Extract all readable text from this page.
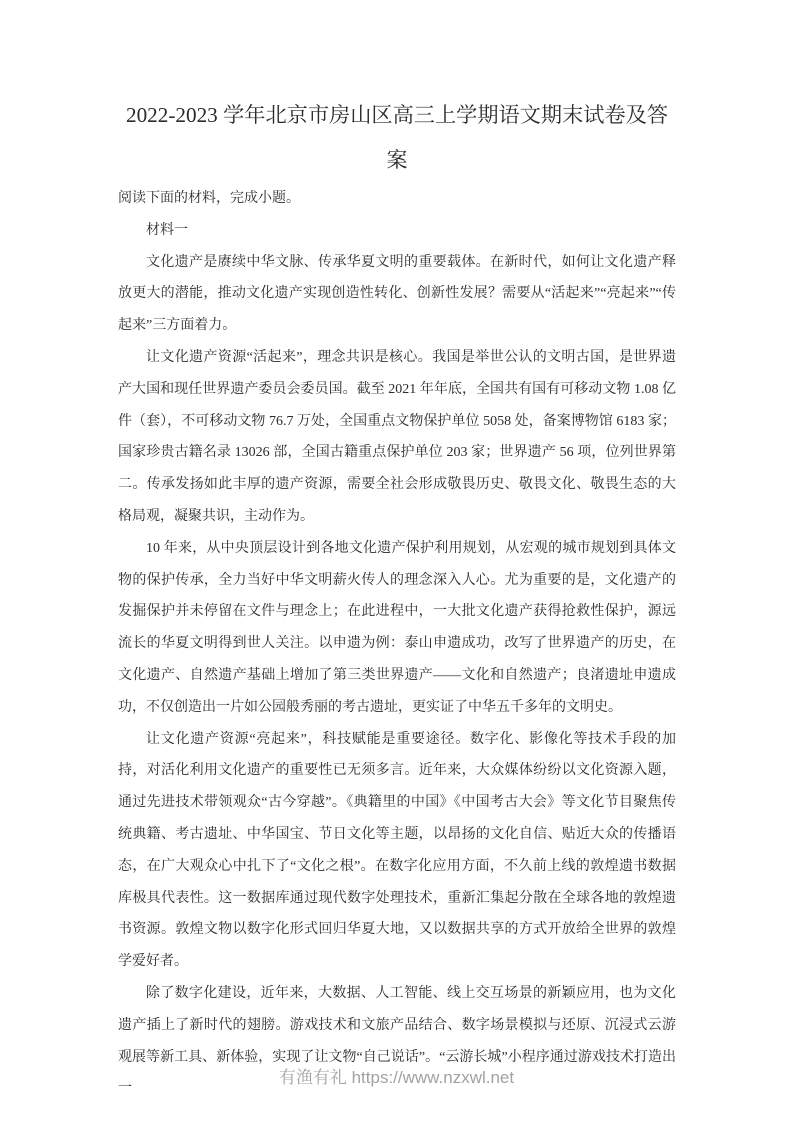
2022-2023 学年北京市房山区高三上学期语文期末试卷及答案

阅读下面的材料，完成小题。

材料一

文化遗产是赓续中华文脉、传承华夏文明的重要载体。在新时代，如何让文化遗产释放更大的潜能，推动文化遗产实现创造性转化、创新性发展？需要从“活起来”“亮起来”“传起来”三方面着力。

让文化遗产资源“活起来”，理念共识是核心。我国是举世公认的文明古国，是世界遗产大国和现任世界遗产委员会委员国。截至 2021 年年底，全国共有国有可移动文物 1.08 亿件（套），不可移动文物 76.7 万处，全国重点文物保护单位 5058 处，备案博物馆 6183 家；国家珍贵古籍名录 13026 部，全国古籍重点保护单位 203 家；世界遗产 56 项，位列世界第二。传承发扬如此丰厚的遗产资源，需要全社会形成敬畏历史、敬畏文化、敬畏生态的大格局观，凝聚共识，主动作为。

10 年来，从中央顶层设计到各地文化遗产保护利用规划，从宏观的城市规划到具体文物的保护传承，全力当好中华文明薪火传人的理念深入人心。尤为重要的是，文化遗产的发掘保护并未停留在文件与理念上；在此进程中，一大批文化遗产获得抢救性保护，源远流长的华夏文明得到世人关注。以申遗为例：泰山申遗成功，改写了世界遗产的历史，在文化遗产、自然遗产基础上增加了第三类世界遗产——文化和自然遗产；良渚遗址申遗成功，不仅创造出一片如公园般秀丽的考古遗址，更实证了中华五千多年的文明史。

让文化遗产资源“亮起来”，科技赋能是重要途径。数字化、影像化等技术手段的加持，对活化利用文化遗产的重要性已无须多言。近年来，大众媒体纷纷以文化资源入题，通过先进技术带领观众“古今穿越”。《典籍里的中国》《中国考古大会》等文化节目聚焦传统典籍、考古遗址、中华国宝、节日文化等主题，以昂扬的文化自信、贴近大众的传播语态，在广大观众心中扎下了“文化之根”。在数字化应用方面，不久前上线的敦煌遗书数据库极具代表性。这一数据库通过现代数字处理技术，重新汇集起分散在全球各地的敦煌遗书资源。敦煌文物以数字化形式回归华夏大地，又以数据共享的方式开放给全世界的敦煌学爱好者。

除了数字化建设，近年来，大数据、人工智能、线上交互场景的新颖应用，也为文化遗产插上了新时代的翅膀。游戏技术和文旅产品结合、数字场景模拟与还原、沉浸式云游观展等新工具、新体验，实现了让文物“自己说话”。“云游长城”小程序通过游戏技术打造出一

有渔有礼 https://www.nzxwl.net
